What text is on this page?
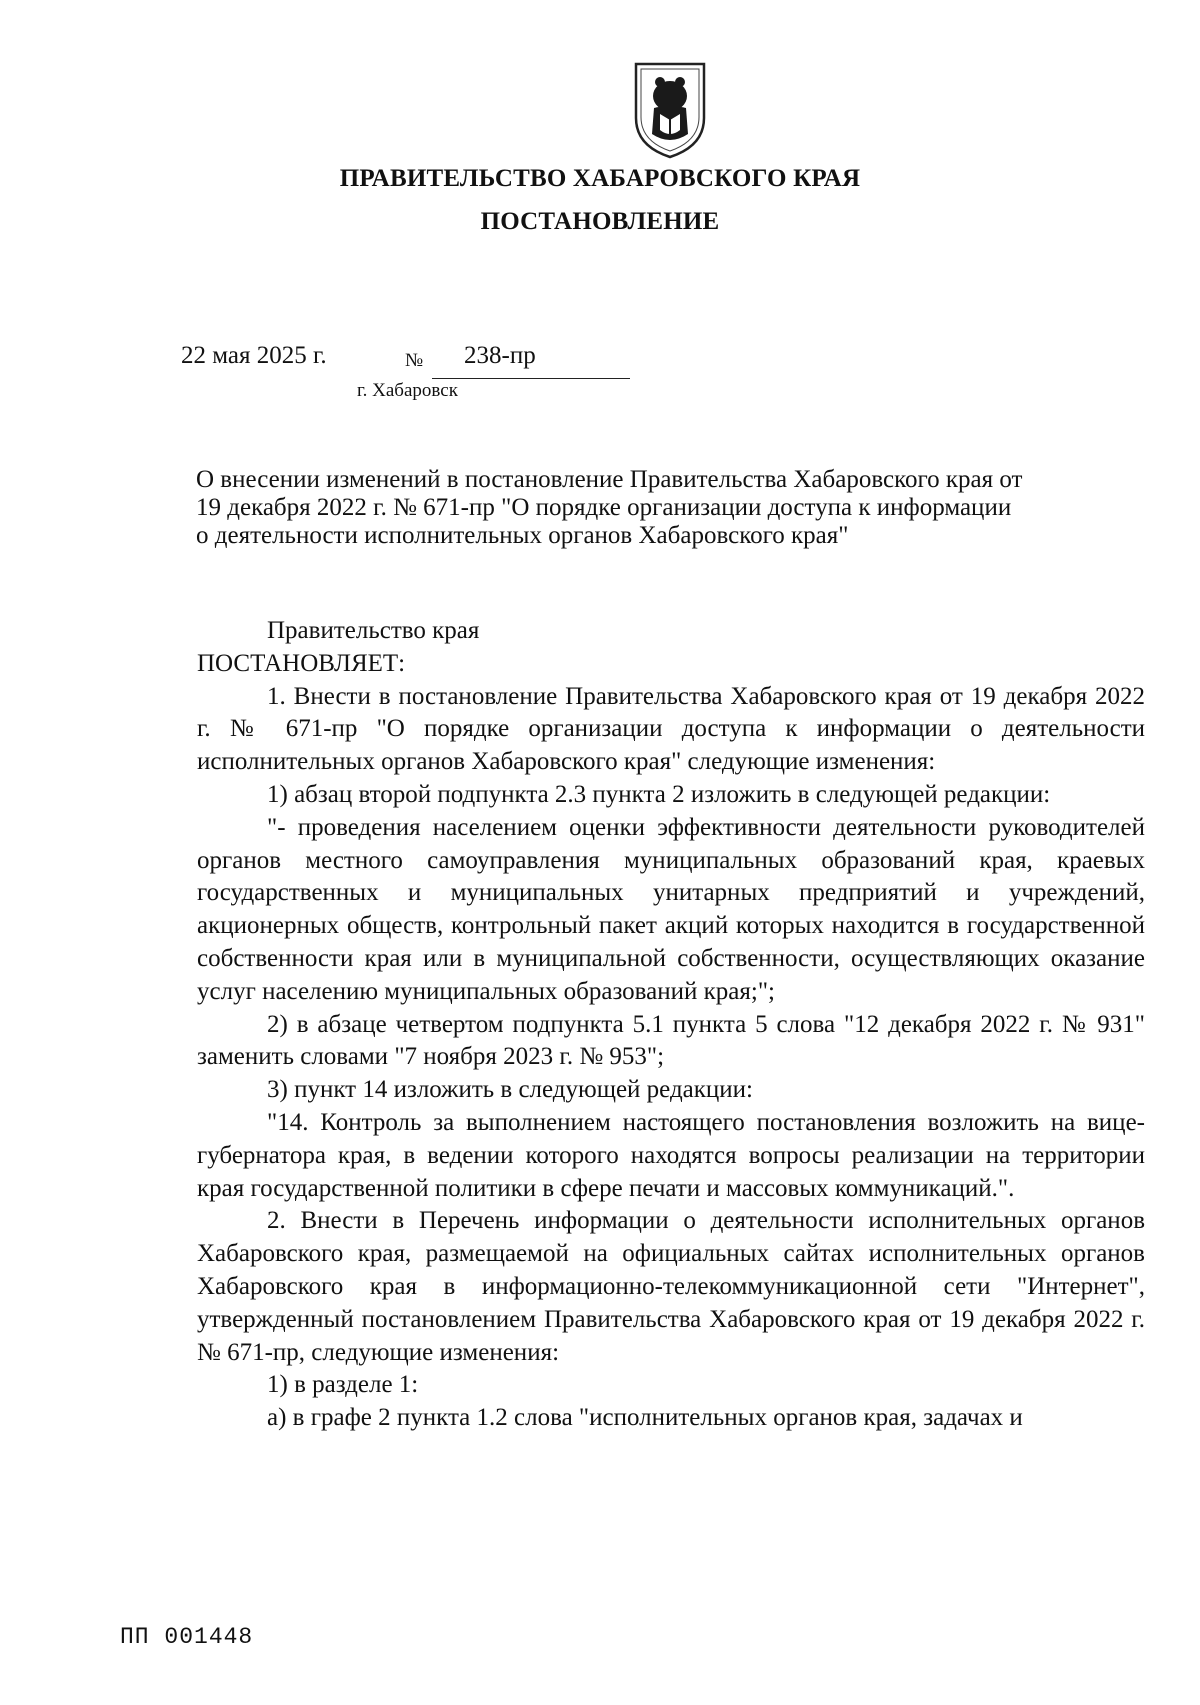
ПРАВИТЕЛЬСТВО ХАБАРОВСКОГО КРАЯ
ПОСТАНОВЛЕНИЕ
22 мая 2025 г.	№ 238-пр
г. Хабаровск
О внесении изменений в постановление Правительства Хабаровского края от
19 декабря 2022 г. № 671-пр "О порядке организации доступа к информации
о деятельности исполнительных органов Хабаровского края"

Правительство края

ПОСТАНОВЛЯЕТ:

1. Внести в постановление Правительства Хабаровского края от 19 декабря 2022 г. № 671-пр "О порядке организации доступа к информации о деятельности исполнительных органов Хабаровского края" следующие изменения:

1) абзац второй подпункта 2.3 пункта 2 изложить в следующей редакции:

"- проведения населением оценки эффективности деятельности руководителей органов местного самоуправления муниципальных образований края, краевых государственных и муниципальных унитарных предприятий и учреждений, акционерных обществ, контрольный пакет акций которых находится в государственной собственности края или в муниципальной собственности, осуществляющих оказание услуг населению муниципальных образований края;";

2) в абзаце четвертом подпункта 5.1 пункта 5 слова "12 декабря 2022 г. № 931" заменить словами "7 ноября 2023 г. № 953";

3) пункт 14 изложить в следующей редакции:

"14. Контроль за выполнением настоящего постановления возложить на вице-губернатора края, в ведении которого находятся вопросы реализации на территории края государственной политики в сфере печати и массовых коммуникаций.".

2. Внести в Перечень информации о деятельности исполнительных органов Хабаровского края, размещаемой на официальных сайтах исполнительных органов Хабаровского края в информационно-телекоммуникационной сети "Интернет", утвержденный постановлением Правительства Хабаровского края от 19 декабря 2022 г. № 671-пр, следующие изменения:

1) в разделе 1:

а) в графе 2 пункта 1.2 слова "исполнительных органов края, задачах и

ПП 001448
